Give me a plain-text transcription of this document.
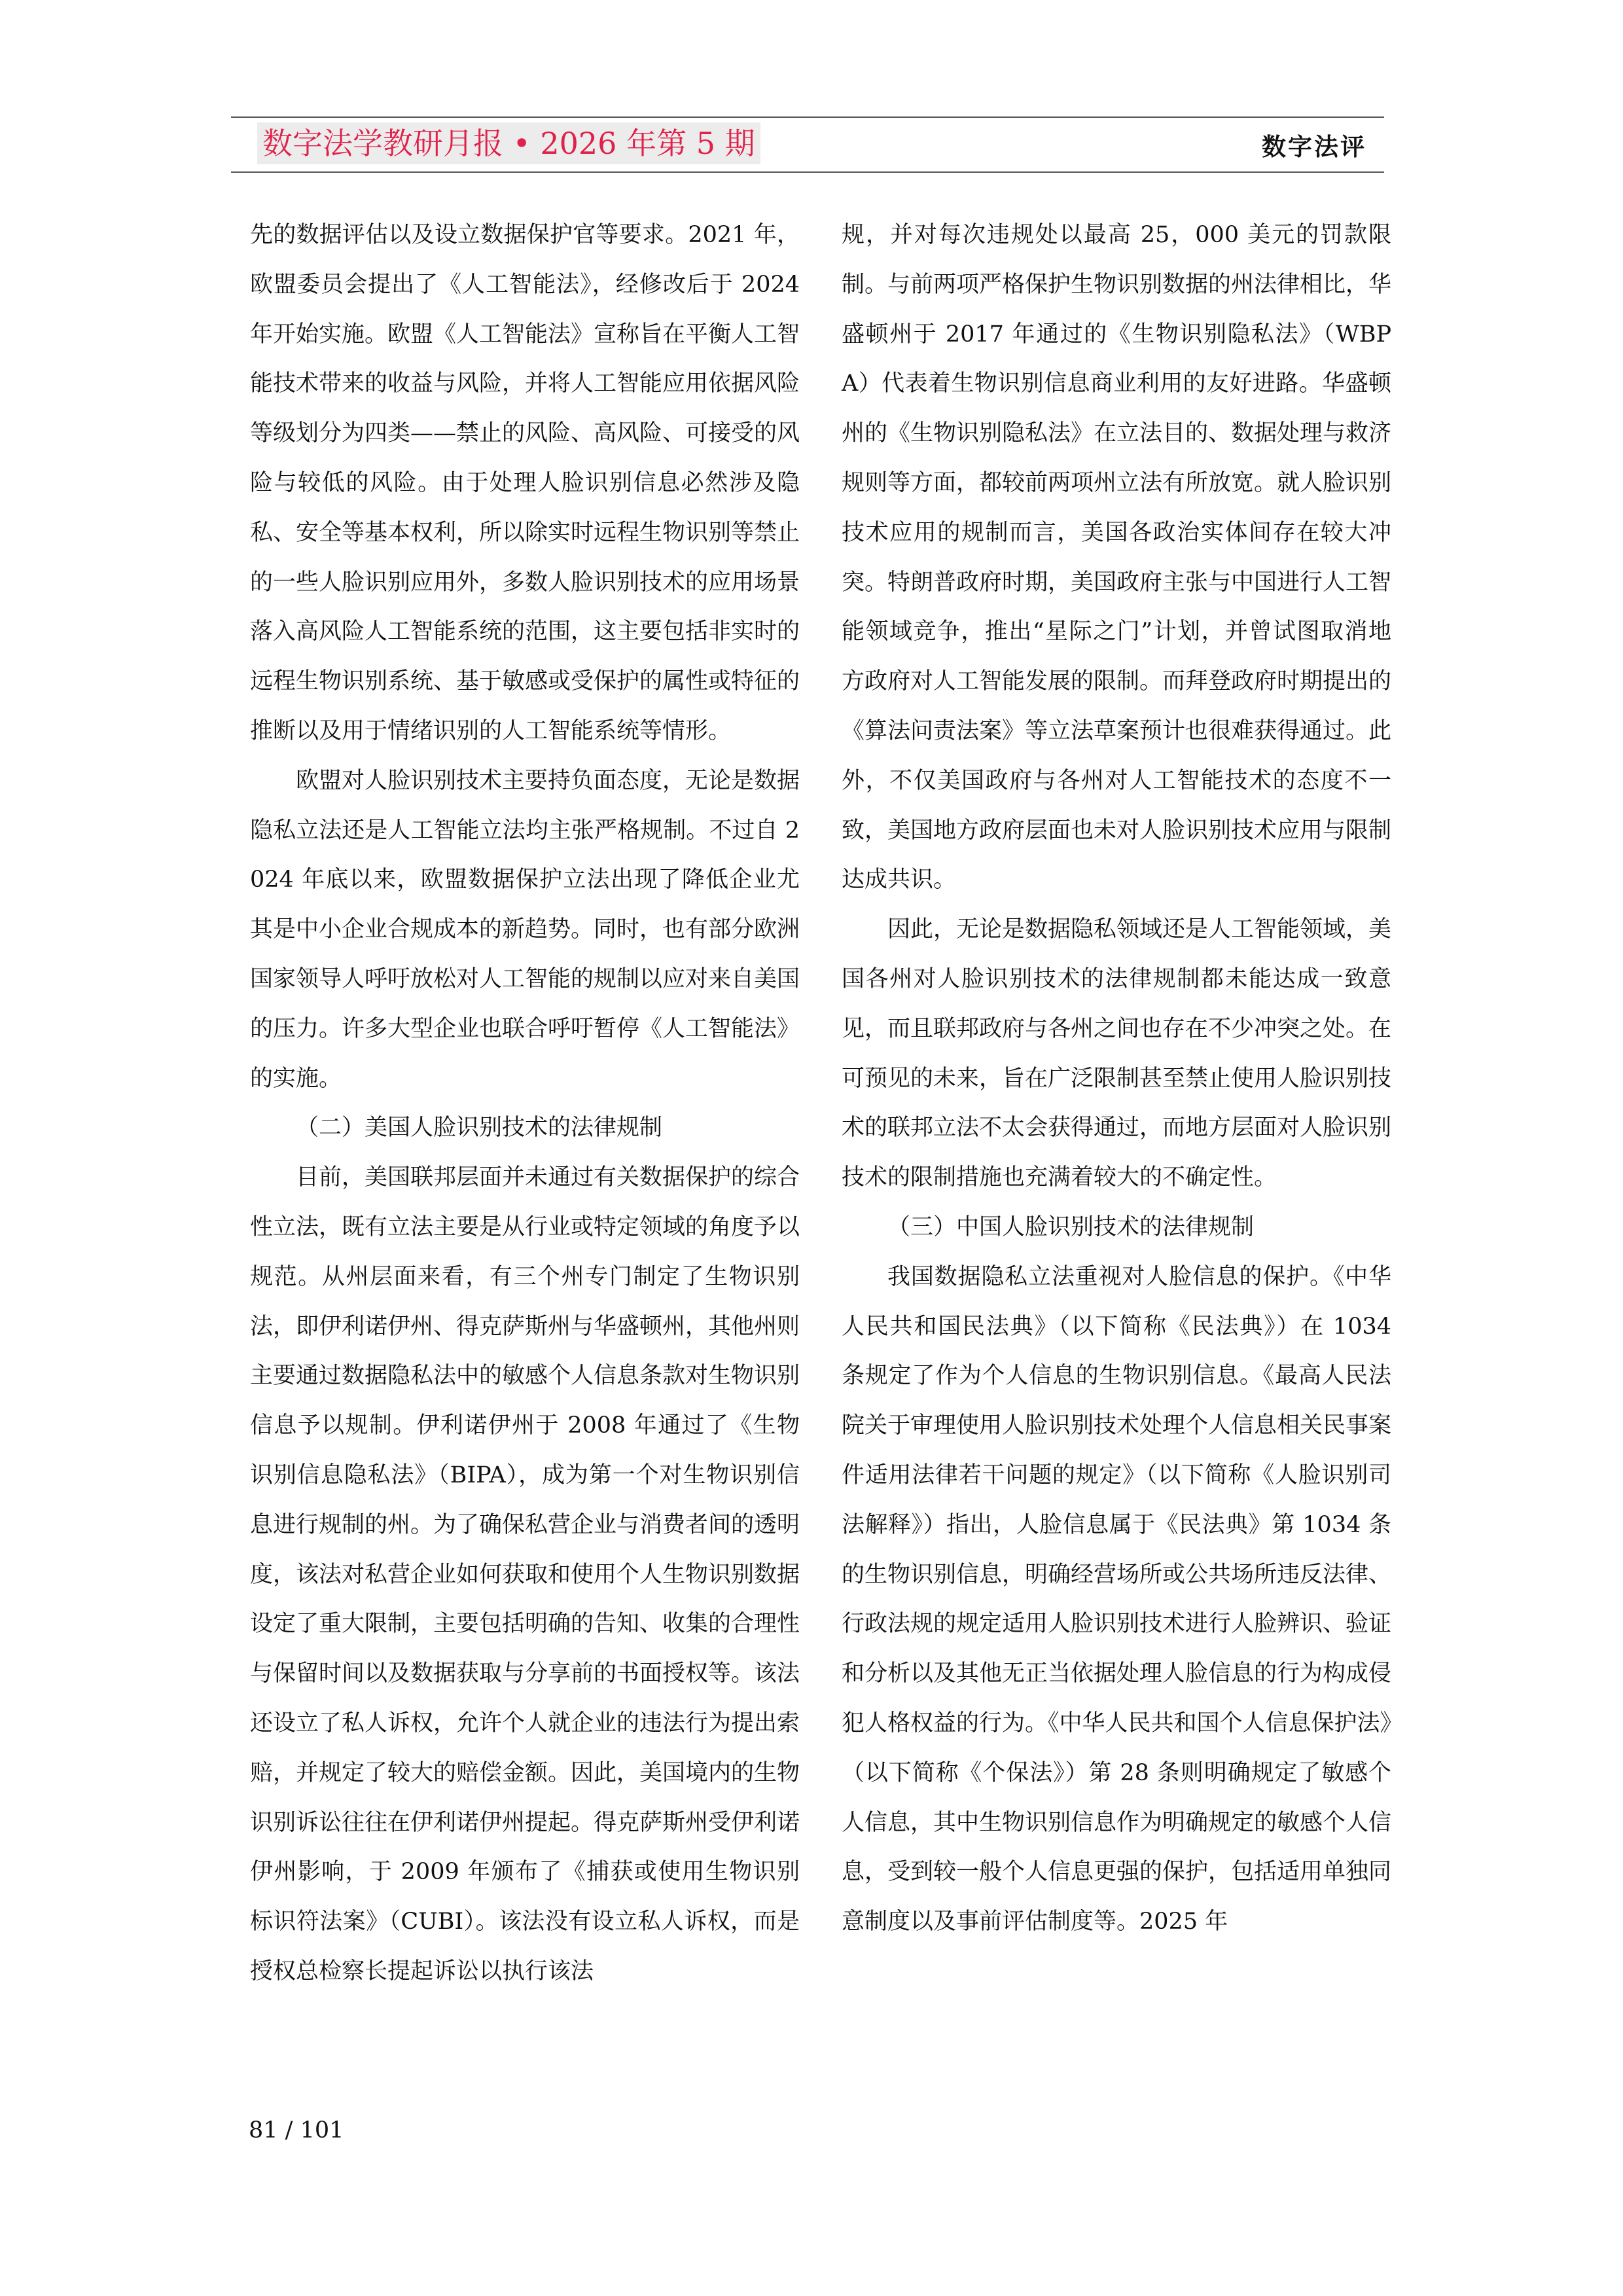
数字法学教研月报 • 2026 年第 5 期	数字法评

先的数据评估以及设立数据保护官等要求。2021 年，欧盟委员会提出了《人工智能法》，经修改后于 2024 年开始实施。欧盟《人工智能法》宣称旨在平衡人工智能技术带来的收益与风险，并将人工智能应用依据风险等级划分为四类——禁止的风险、高风险、可接受的风险与较低的风险。由于处理人脸识别信息必然涉及隐私、安全等基本权利，所以除实时远程生物识别等禁止的一些人脸识别应用外，多数人脸识别技术的应用场景落入高风险人工智能系统的范围，这主要包括非实时的远程生物识别系统、基于敏感或受保护的属性或特征的推断以及用于情绪识别的人工智能系统等情形。

欧盟对人脸识别技术主要持负面态度，无论是数据隐私立法还是人工智能立法均主张严格规制。不过自 2024 年底以来，欧盟数据保护立法出现了降低企业尤其是中小企业合规成本的新趋势。同时，也有部分欧洲国家领导人呼吁放松对人工智能的规制以应对来自美国的压力。许多大型企业也联合呼吁暂停《人工智能法》的实施。

（二）美国人脸识别技术的法律规制

目前，美国联邦层面并未通过有关数据保护的综合性立法，既有立法主要是从行业或特定领域的角度予以规范。从州层面来看，有三个州专门制定了生物识别法，即伊利诺伊州、得克萨斯州与华盛顿州，其他州则主要通过数据隐私法中的敏感个人信息条款对生物识别信息予以规制。伊利诺伊州于 2008 年通过了《生物识别信息隐私法》（BIPA），成为第一个对生物识别信息进行规制的州。为了确保私营企业与消费者间的透明度，该法对私营企业如何获取和使用个人生物识别数据设定了重大限制，主要包括明确的告知、收集的合理性与保留时间以及数据获取与分享前的书面授权等。该法还设立了私人诉权，允许个人就企业的违法行为提出索赔，并规定了较大的赔偿金额。因此，美国境内的生物识别诉讼往往在伊利诺伊州提起。得克萨斯州受伊利诺伊州影响，于 2009 年颁布了《捕获或使用生物识别标识符法案》（CUBI）。该法没有设立私人诉权，而是授权总检察长提起诉讼以执行该法

规，并对每次违规处以最高 25，000 美元的罚款限制。与前两项严格保护生物识别数据的州法律相比，华盛顿州于 2017 年通过的《生物识别隐私法》（WBPA）代表着生物识别信息商业利用的友好进路。华盛顿州的《生物识别隐私法》在立法目的、数据处理与救济规则等方面，都较前两项州立法有所放宽。就人脸识别技术应用的规制而言，美国各政治实体间存在较大冲突。特朗普政府时期，美国政府主张与中国进行人工智能领域竞争，推出“星际之门”计划，并曾试图取消地方政府对人工智能发展的限制。而拜登政府时期提出的《算法问责法案》等立法草案预计也很难获得通过。此外，不仅美国政府与各州对人工智能技术的态度不一致，美国地方政府层面也未对人脸识别技术应用与限制达成共识。

因此，无论是数据隐私领域还是人工智能领域，美国各州对人脸识别技术的法律规制都未能达成一致意见，而且联邦政府与各州之间也存在不少冲突之处。在可预见的未来，旨在广泛限制甚至禁止使用人脸识别技术的联邦立法不太会获得通过，而地方层面对人脸识别技术的限制措施也充满着较大的不确定性。

（三）中国人脸识别技术的法律规制

我国数据隐私立法重视对人脸信息的保护。《中华人民共和国民法典》（以下简称《民法典》）在 1034 条规定了作为个人信息的生物识别信息。《最高人民法院关于审理使用人脸识别技术处理个人信息相关民事案件适用法律若干问题的规定》（以下简称《人脸识别司法解释》）指出，人脸信息属于《民法典》第 1034 条的生物识别信息，明确经营场所或公共场所违反法律、行政法规的规定适用人脸识别技术进行人脸辨识、验证和分析以及其他无正当依据处理人脸信息的行为构成侵犯人格权益的行为。《中华人民共和国个人信息保护法》（以下简称《个保法》）第 28 条则明确规定了敏感个人信息，其中生物识别信息作为明确规定的敏感个人信息，受到较一般个人信息更强的保护，包括适用单独同意制度以及事前评估制度等。2025 年

81 / 101
